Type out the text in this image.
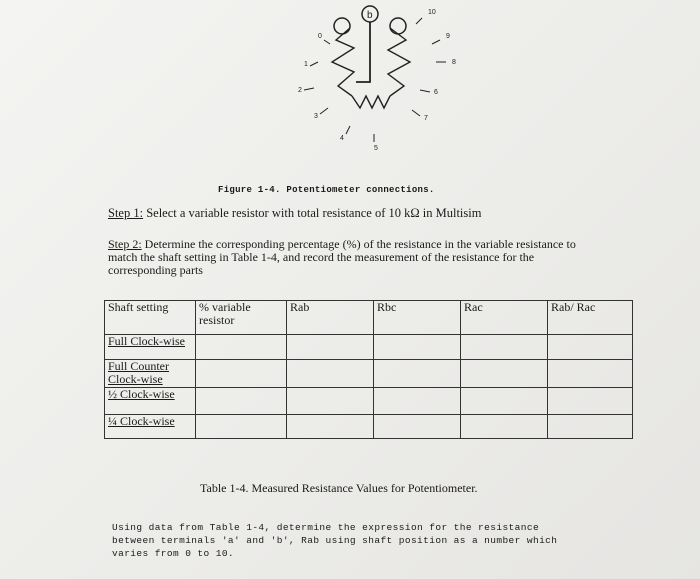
0
1
2
3
4
5
6
7
8
9
10
b
Figure 1-4. Potentiometer connections.
Step 1: Select a variable resistor with total resistance of 10 kΩ in Multisim
Step 2: Determine the corresponding percentage (%) of the resistance in the variable resistance to match the shaft setting in Table 1-4, and record the measurement of the resistance for the corresponding parts
Shaft setting	% variable resistor	Rab	Rbc	Rac	Rab/ Rac
Full Clock-wise					
Full Counter Clock-wise					
½ Clock-wise					
¼ Clock-wise					
Table 1-4. Measured Resistance Values for Potentiometer.
Using data from Table 1-4, determine the expression for the resistance between terminals 'a' and 'b', Rab using shaft position as a number which varies from 0 to 10.
